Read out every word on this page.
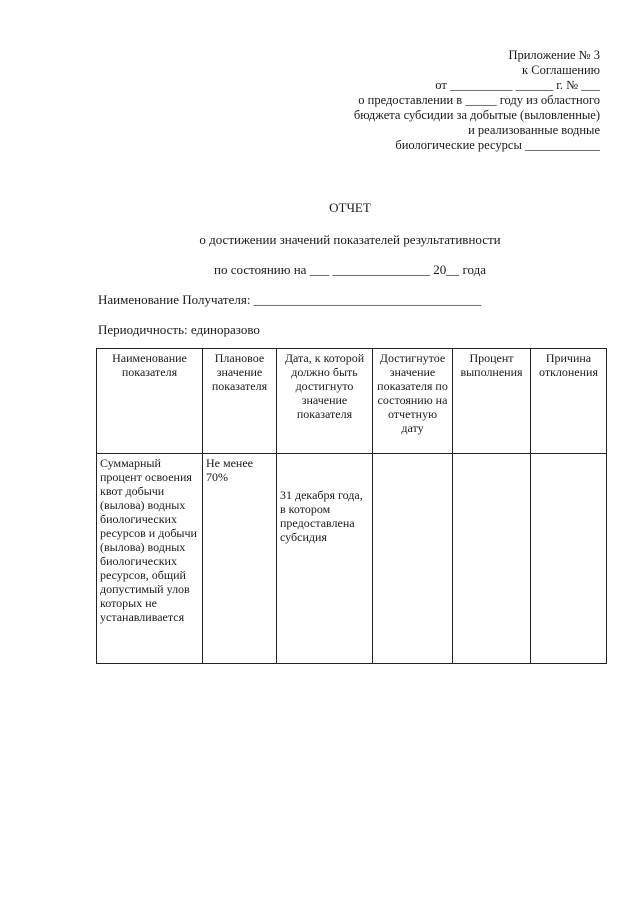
Приложение № 3
к Соглашению
от __________ ______ г. № ___
о предоставлении в _____ году из областного
бюджета субсидии за добытые (выловленные)
и реализованные водные
биологические ресурсы ____________
ОТЧЕТ
о достижении значений показателей результативности
по состоянию на ___ _______________ 20__ года
Наименование Получателя: ___________________________________
Периодичность: единоразово
Наименование показателя	Плановое значение показателя	Дата, к которой должно быть достигнуто значение показателя	Достигнутое значение показателя по состоянию на отчетную дату	Процент выполнения	Причина отклонения
Суммарный процент освоения квот добычи (вылова) водных биологических ресурсов и добычи (вылова) водных биологических ресурсов, общий допустимый улов которых не устанавливается	Не менее 70%	31 декабря года, в котором предоставлена субсидия			
